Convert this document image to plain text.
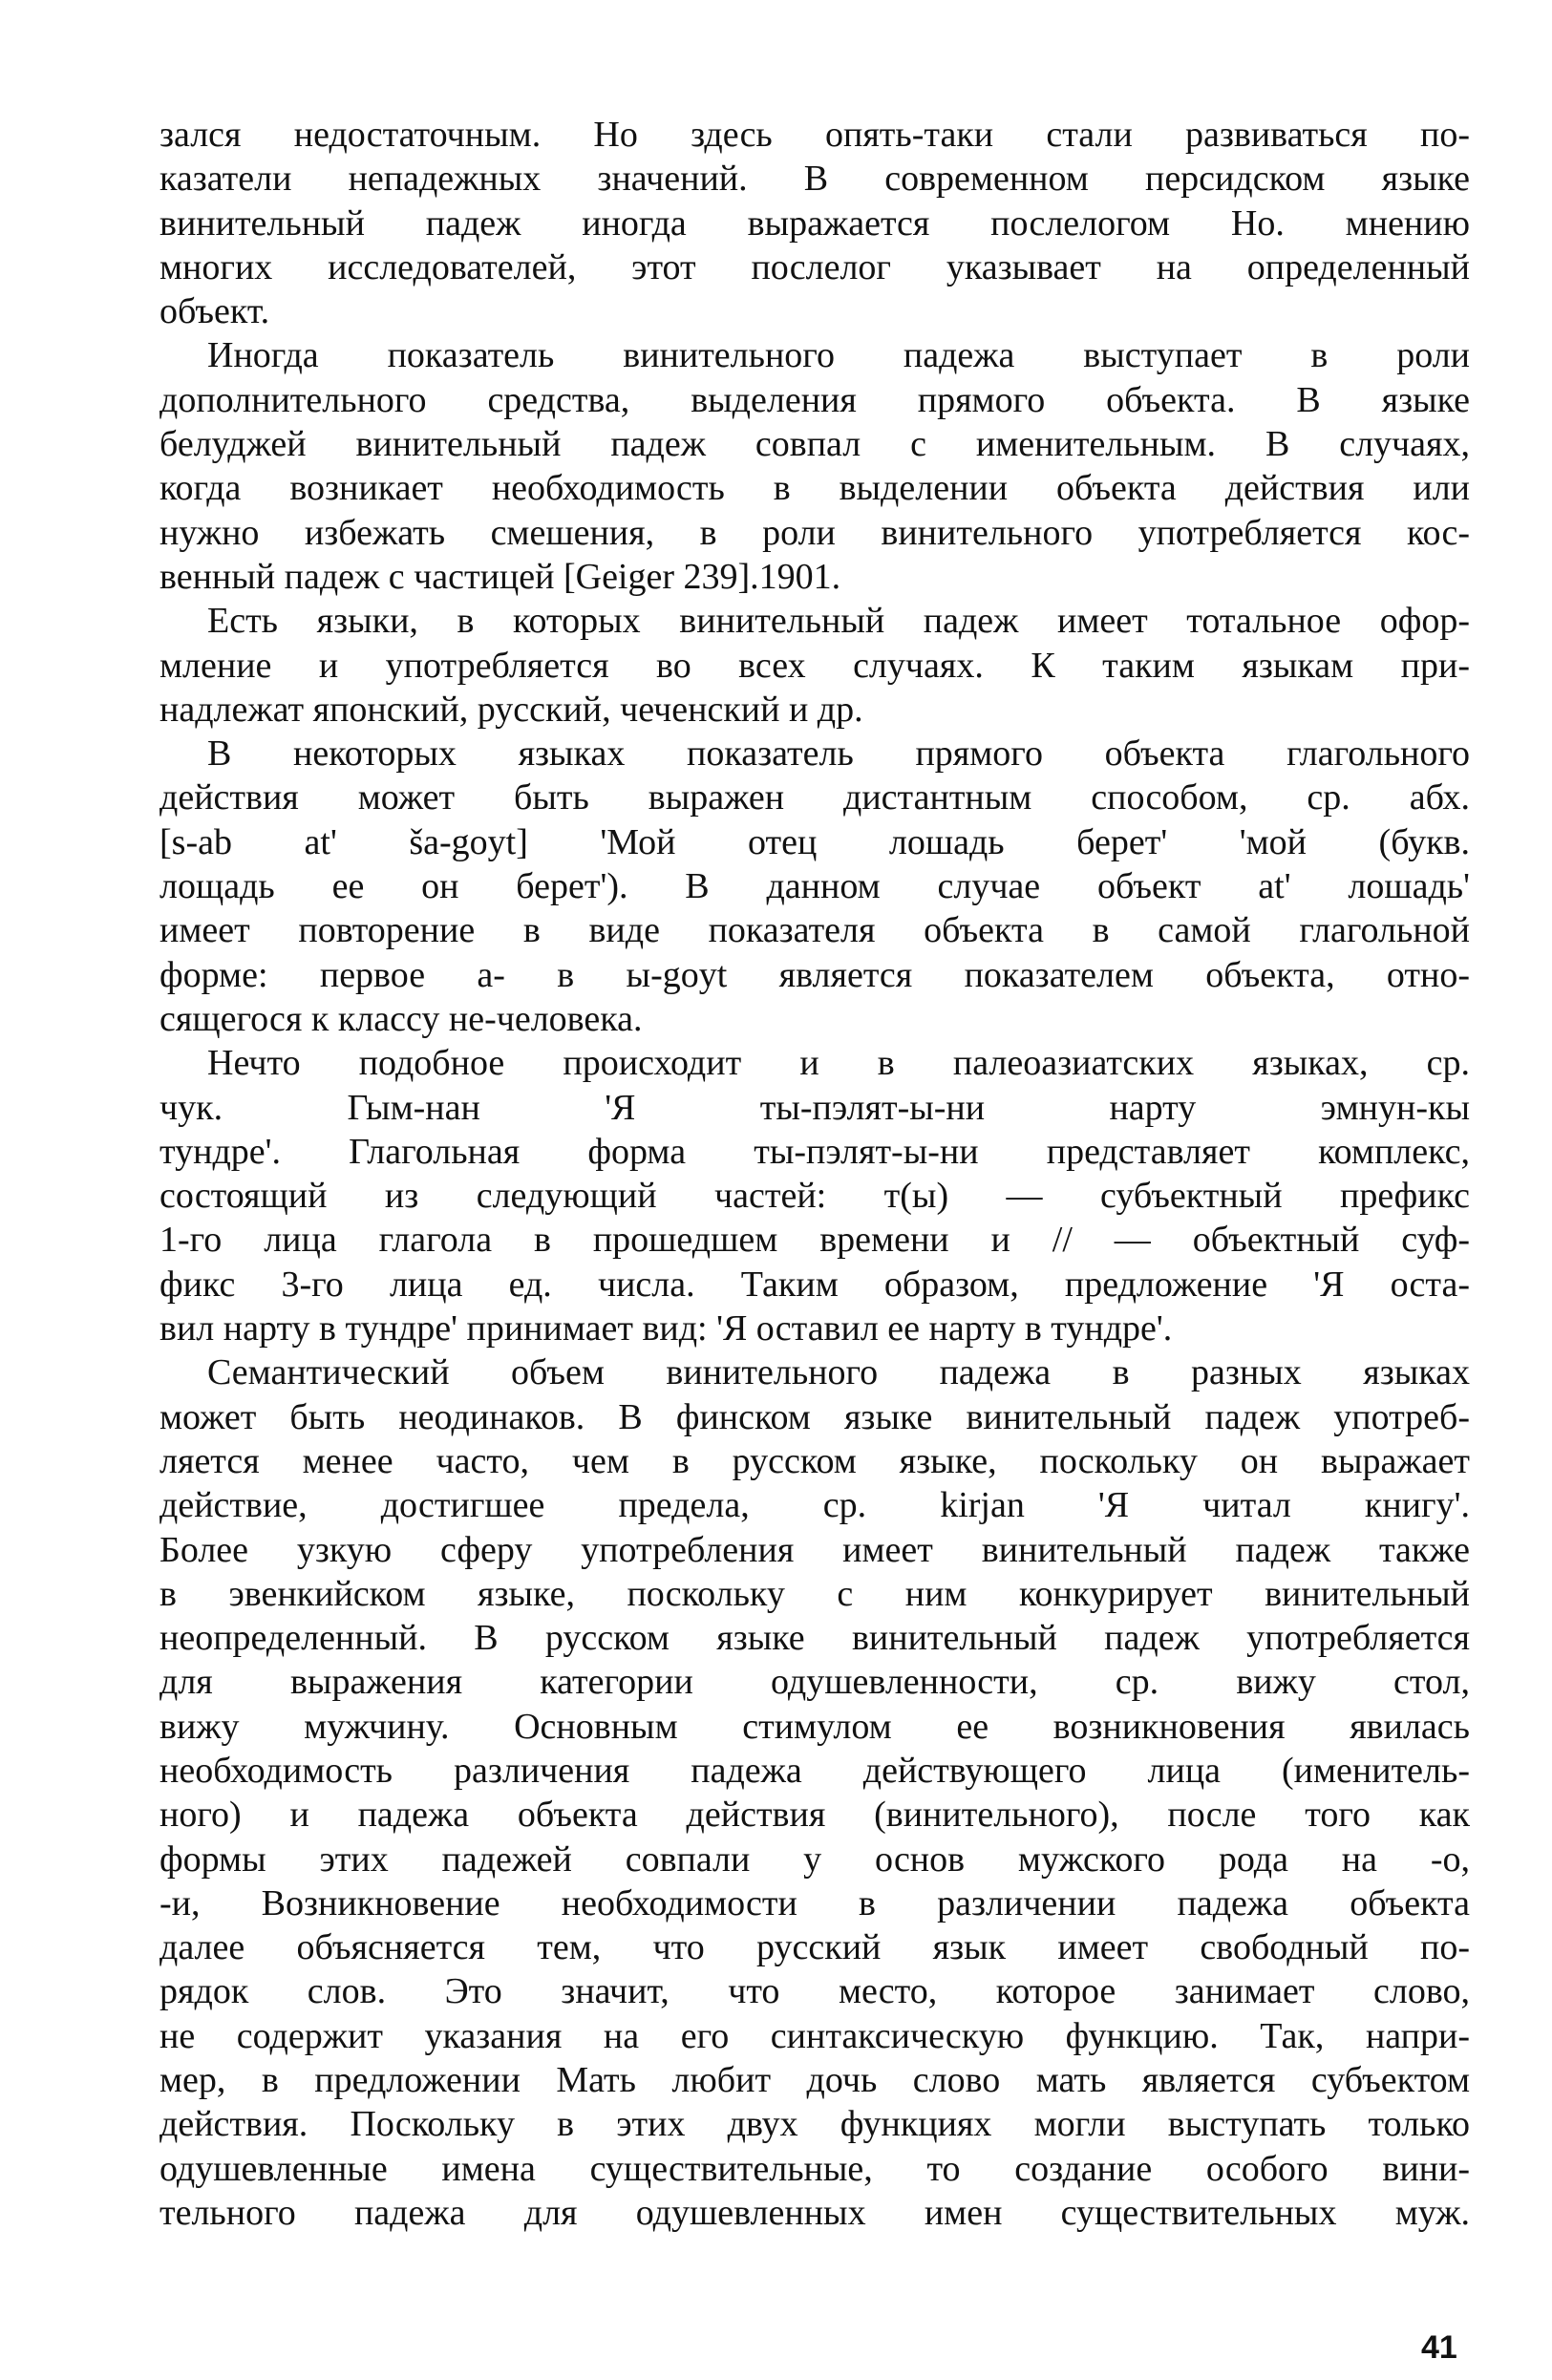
зался недостаточным. Но здесь опять-таки стали развиваться по-
казатели непадежных значений. В современном персидском языке
винительный падеж иногда выражается послелогом Но. мнению
многих исследователей, этот послелог указывает на определенный
объект.
Иногда показатель винительного падежа выступает в роли
дополнительного средства, выделения прямого объекта. В языке
белуджей винительный падеж совпал с именительным. В случаях,
когда возникает необходимость в выделении объекта действия или
нужно избежать смешения, в роли винительного употребляется кос-
венный падеж с частицей [Geiger 239].1901.
Есть языки, в которых винительный падеж имеет тотальное офор-
мление и употребляется во всех случаях. К таким языкам при-
надлежат японский, русский, чеченский и др.
В некоторых языках показатель прямого объекта глагольного
действия может быть выражен дистантным способом, ср. абх.
[s-ab at' ša-goyt] 'Мой отец лошадь берет' 'мой (букв.
лощадь ее он берет'). В данном случае объект at' лошадь'
имеет повторение в виде показателя объекта в самой глагольной
форме: первое а- в ы-goyt является показателем объекта, отно-
сящегося к классу не-человека.
Нечто подобное происходит и в палеоазиатских языках, ср.
чук. Гым-нан 'Я ты-пэлят-ы-ни нарту эмнун-кы
тундре'. Глагольная форма ты-пэлят-ы-ни представляет комплекс,
состоящий из следующий частей: т(ы) — субъектный префикс
1-го лица глагола в прошедшем времени и // — объектный суф-
фикс 3-го лица ед. числа. Таким образом, предложение 'Я оста-
вил нарту в тундре' принимает вид: 'Я оставил ее нарту в тундре'.
Семантический объем винительного падежа в разных языках
может быть неодинаков. В финском языке винительный падеж употреб-
ляется менее часто, чем в русском языке, поскольку он выражает
действие, достигшее предела, ср. kirjan 'Я читал книгу'.
Более узкую сферу употребления имеет винительный падеж также
в эвенкийском языке, поскольку с ним конкурирует винительный
неопределенный. В русском языке винительный падеж употребляется
для выражения категории одушевленности, ср. вижу стол,
вижу мужчину. Основным стимулом ее возникновения явилась
необходимость различения падежа действующего лица (именитель-
ного) и падежа объекта действия (винительного), после того как
формы этих падежей совпали у основ мужского рода на -о,
-и, Возникновение необходимости в различении падежа объекта
далее объясняется тем, что русский язык имеет свободный по-
рядок слов. Это значит, что место, которое занимает слово,
не содержит указания на его синтаксическую функцию. Так, напри-
мер, в предложении Мать любит дочь слово мать является субъектом
действия. Поскольку в этих двух функциях могли выступать только
одушевленные имена существительные, то создание особого вини-
тельного падежа для одушевленных имен существительных муж.
41
